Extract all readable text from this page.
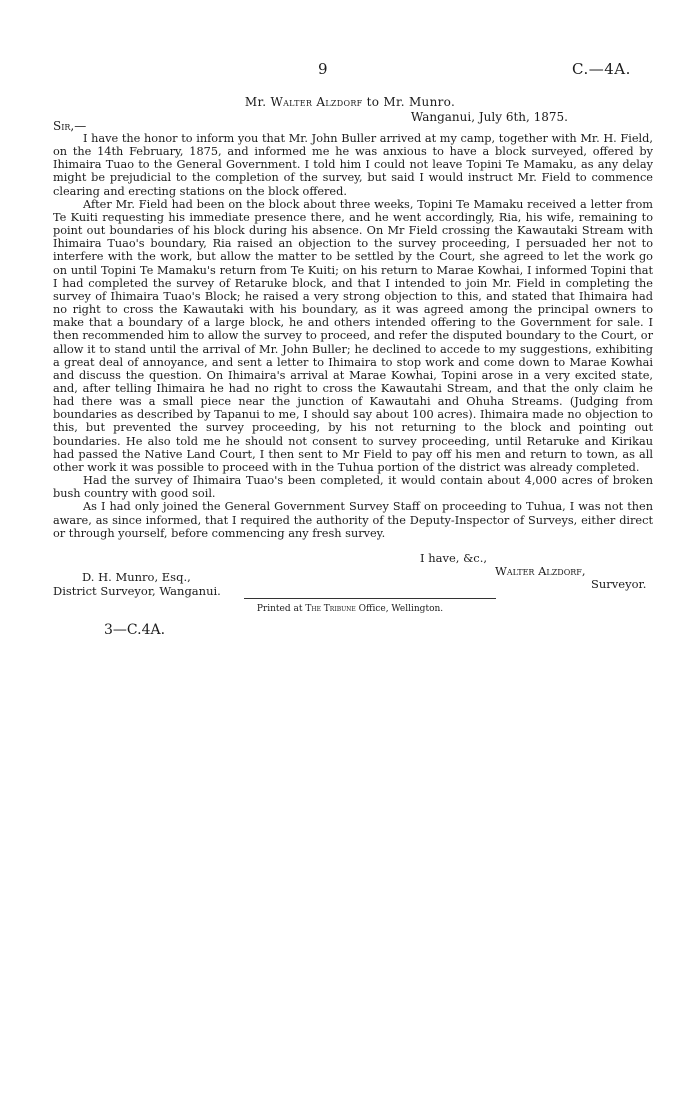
9	C.—4A.
Mr. Walter Alzdorf to Mr. Munro.
Wanganui, July 6th, 1875.
Sir,—

I have the honor to inform you that Mr. John Buller arrived at my camp, together with Mr. H. Field, on the 14th February, 1875, and informed me he was anxious to have a block surveyed, offered by Ihimaira Tuao to the General Government. I told him I could not leave Topini Te Mamaku, as any delay might be prejudicial to the completion of the survey, but said I would instruct Mr. Field to commence clearing and erecting stations on the block offered.

After Mr. Field had been on the block about three weeks, Topini Te Mamaku received a letter from Te Kuiti requesting his immediate presence there, and he went accordingly, Ria, his wife, remaining to point out boundaries of his block during his absence. On Mr Field crossing the Kawautaki Stream with Ihimaira Tuao's boundary, Ria raised an objection to the survey proceeding, I persuaded her not to interfere with the work, but allow the matter to be settled by the Court, she agreed to let the work go on until Topini Te Mamaku's return from Te Kuiti; on his return to Marae Kowhai, I informed Topini that I had completed the survey of Retaruke block, and that I intended to join Mr. Field in completing the survey of Ihimaira Tuao's Block; he raised a very strong objection to this, and stated that Ihimaira had no right to cross the Kawautaki with his boundary, as it was agreed among the principal owners to make that a boundary of a large block, he and others intended offering to the Government for sale. I then recommended him to allow the survey to proceed, and refer the disputed boundary to the Court, or allow it to stand until the arrival of Mr. John Buller; he declined to accede to my suggestions, exhibiting a great deal of annoyance, and sent a letter to Ihimaira to stop work and come down to Marae Kowhai and discuss the question. On Ihimaira's arrival at Marae Kowhai, Topini arose in a very excited state, and, after telling Ihimaira he had no right to cross the Kawautahi Stream, and that the only claim he had there was a small piece near the junction of Kawautahi and Ohuha Streams. (Judging from boundaries as described by Tapanui to me, I should say about 100 acres). Ihimaira made no objection to this, but prevented the survey proceeding, by his not returning to the block and pointing out boundaries. He also told me he should not consent to survey proceeding, until Retaruke and Kirikau had passed the Native Land Court, I then sent to Mr Field to pay off his men and return to town, as all other work it was possible to proceed with in the Tuhua portion of the district was already completed.

Had the survey of Ihimaira Tuao's been completed, it would contain about 4,000 acres of broken bush country with good soil.

As I had only joined the General Government Survey Staff on proceeding to Tuhua, I was not then aware, as since informed, that I required the authority of the Deputy-Inspector of Surveys, either direct or through yourself, before commencing any fresh survey.

I have, &c.,
Walter Alzdorf,
Surveyor.
D. H. Munro, Esq.,
District Surveyor, Wanganui.
Printed at The Tribune Office, Wellington.
3—C.4A.
